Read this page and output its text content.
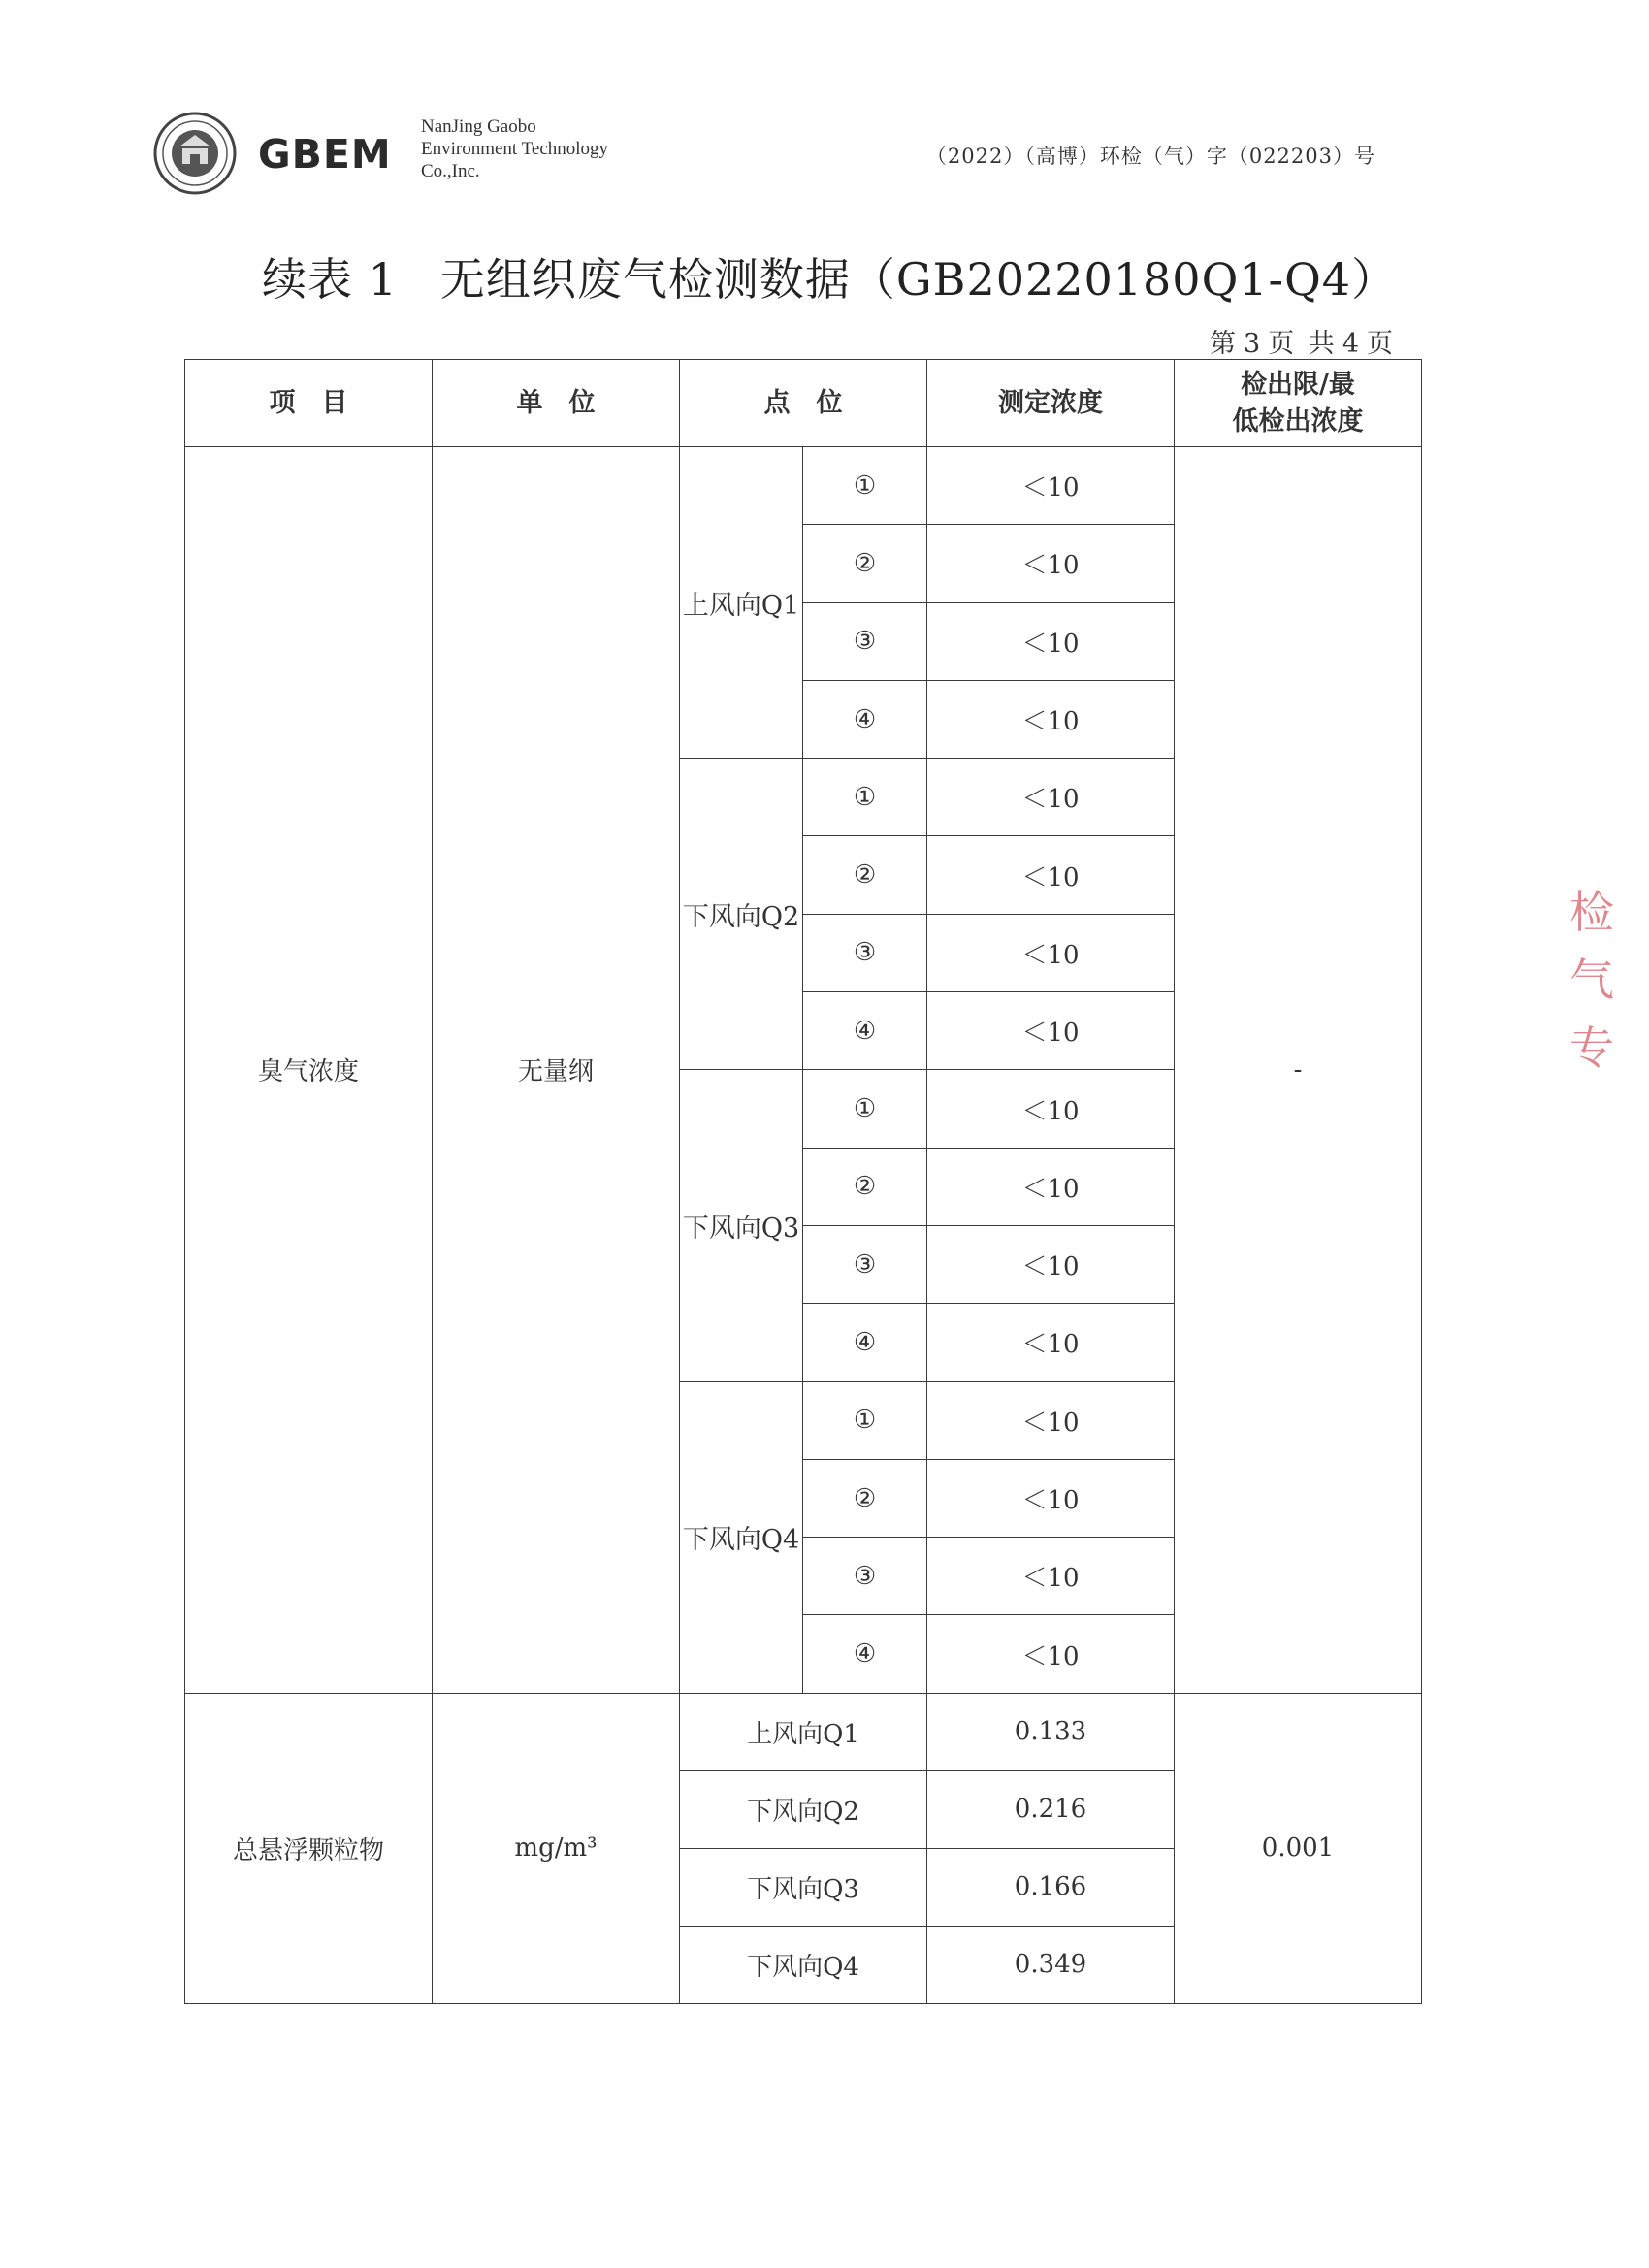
GBEM
NanJing Gaobo
Environment Technology
Co.,Inc.
（2022）（高博）环检（气）字（022203）号
续表 1 无组织废气检测数据（GB20220180Q1-Q4）
第 3 页 共 4 页
项　目	单　位	点　位		测定浓度	检出限/最
低检出浓度
臭气浓度	无量纲	上风向Q1	①	＜10	-
			②	＜10	
			③	＜10	
			④	＜10	
		下风向Q2	①	＜10	
			②	＜10	
			③	＜10	
			④	＜10	
		下风向Q3	①	＜10	
			②	＜10	
			③	＜10	
			④	＜10	
		下风向Q4	①	＜10	
			②	＜10	
			③	＜10	
			④	＜10	
总悬浮颗粒物	mg/m³	上风向Q1		0.133	0.001
		下风向Q2		0.216	
		下风向Q3		0.166	
		下风向Q4		0.349	
检
气
专
